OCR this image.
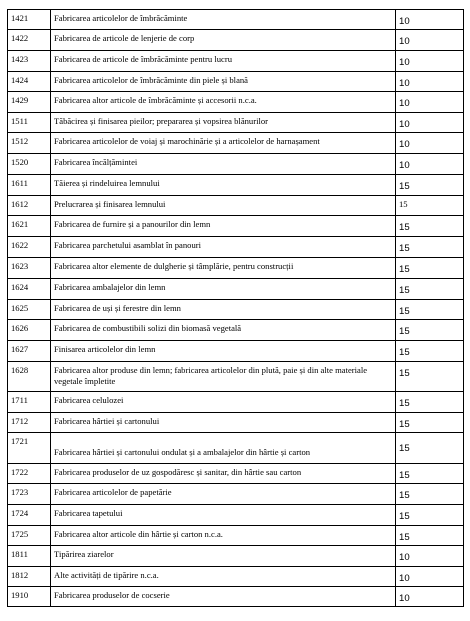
1421	Fabricarea articolelor de îmbrăcăminte	10
1422	Fabricarea de articole de lenjerie de corp	10
1423	Fabricarea de articole de îmbrăcăminte pentru lucru	10
1424	Fabricarea articolelor de îmbrăcăminte din piele și blană	10
1429	Fabricarea altor articole de îmbrăcăminte și accesorii n.c.a.	10
1511	Tăbăcirea și finisarea pieilor; prepararea și vopsirea blănurilor	10
1512	Fabricarea articolelor de voiaj și marochinărie și a articolelor de harnașament	10
1520	Fabricarea încălțămintei	10
1611	Tăierea și rindeluirea lemnului	15
1612	Prelucrarea și finisarea lemnului	15
1621	Fabricarea de furnire și a panourilor din lemn	15
1622	Fabricarea parchetului asamblat în panouri	15
1623	Fabricarea altor elemente de dulgherie și tâmplărie, pentru construcții	15
1624	Fabricarea ambalajelor din lemn	15
1625	Fabricarea de uși și ferestre din lemn	15
1626	Fabricarea de combustibili solizi din biomasă vegetală	15
1627	Finisarea articolelor din lemn	15
1628	Fabricarea altor produse din lemn; fabricarea articolelor din plută, paie și din alte materiale vegetale împletite	15
1711	Fabricarea celulozei	15
1712	Fabricarea hârtiei și cartonului	15
1721	Fabricarea hârtiei și cartonului ondulat și a ambalajelor din hârtie și carton	15
1722	Fabricarea produselor de uz gospodăresc și sanitar, din hârtie sau carton	15
1723	Fabricarea articolelor de papetărie	15
1724	Fabricarea tapetului	15
1725	Fabricarea altor articole din hârtie și carton n.c.a.	15
1811	Tipărirea ziarelor	10
1812	Alte activități de tipărire n.c.a.	10
1910	Fabricarea produselor de cocserie	10
